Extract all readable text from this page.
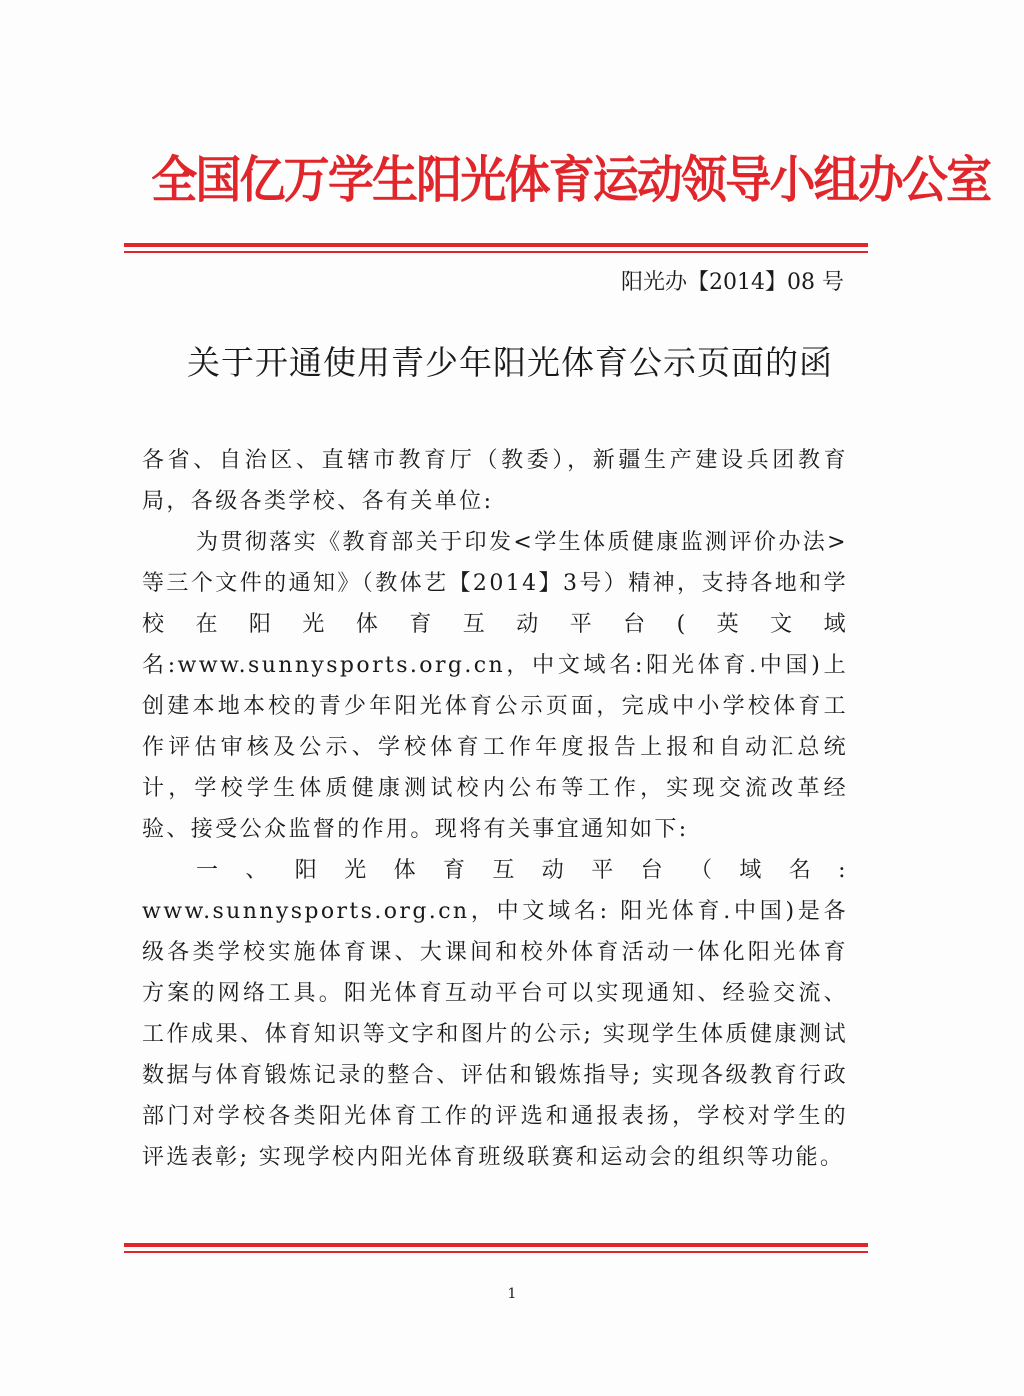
全国亿万学生阳光体育运动领导小组办公室
阳光办【2014】08 号
关于开通使用青少年阳光体育公示页面的函

各省、自治区、直辖市教育厅（教委），新疆生产建设兵团教育局，各级各类学校、各有关单位:

为贯彻落实《教育部关于印发<学生体质健康监测评价办法>等三个文件的通知》（教体艺【2014】3号）精神，支持各地和学校在阳光体育互动平台(英文域名:www.sunnysports.org.cn，中文域名:阳光体育.中国)上创建本地本校的青少年阳光体育公示页面，完成中小学校体育工作评估审核及公示、学校体育工作年度报告上报和自动汇总统计，学校学生体质健康测试校内公布等工作，实现交流改革经验、接受公众监督的作用。现将有关事宜通知如下:

一、阳光体育互动平台（域名: www.sunnysports.org.cn，中文域名: 阳光体育.中国)是各级各类学校实施体育课、大课间和校外体育活动一体化阳光体育方案的网络工具。阳光体育互动平台可以实现通知、经验交流、工作成果、体育知识等文字和图片的公示; 实现学生体质健康测试数据与体育锻炼记录的整合、评估和锻炼指导; 实现各级教育行政部门对学校各类阳光体育工作的评选和通报表扬，学校对学生的评选表彰; 实现学校内阳光体育班级联赛和运动会的组织等功能。

1
